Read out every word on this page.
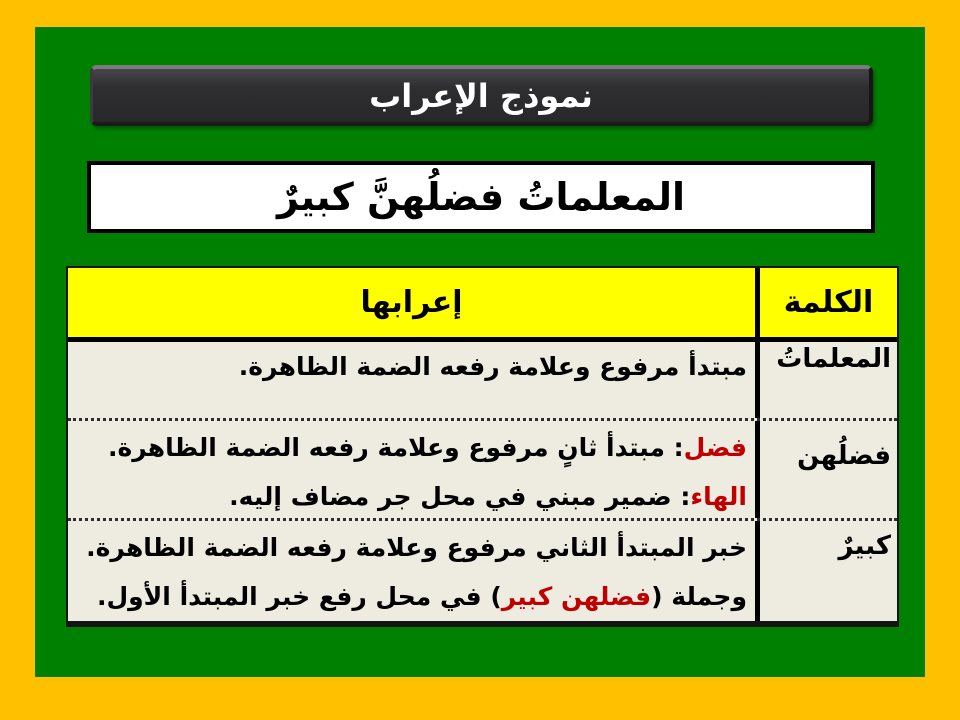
نموذج الإعراب
المعلماتُ فضلُهنَّ كبيرٌ
الكلمة
إعرابها
المعلماتُ

مبتدأ مرفوع وعلامة رفعه الضمة الظاهرة.

فضلُهن

فضل: مبتدأ ثانٍ مرفوع وعلامة رفعه الضمة الظاهرة.

الهاء: ضمير مبني في محل جر مضاف إليه.

كبيرٌ

خبر المبتدأ الثاني مرفوع وعلامة رفعه الضمة الظاهرة.

وجملة (فضلهن كبير) في محل رفع خبر المبتدأ الأول.
